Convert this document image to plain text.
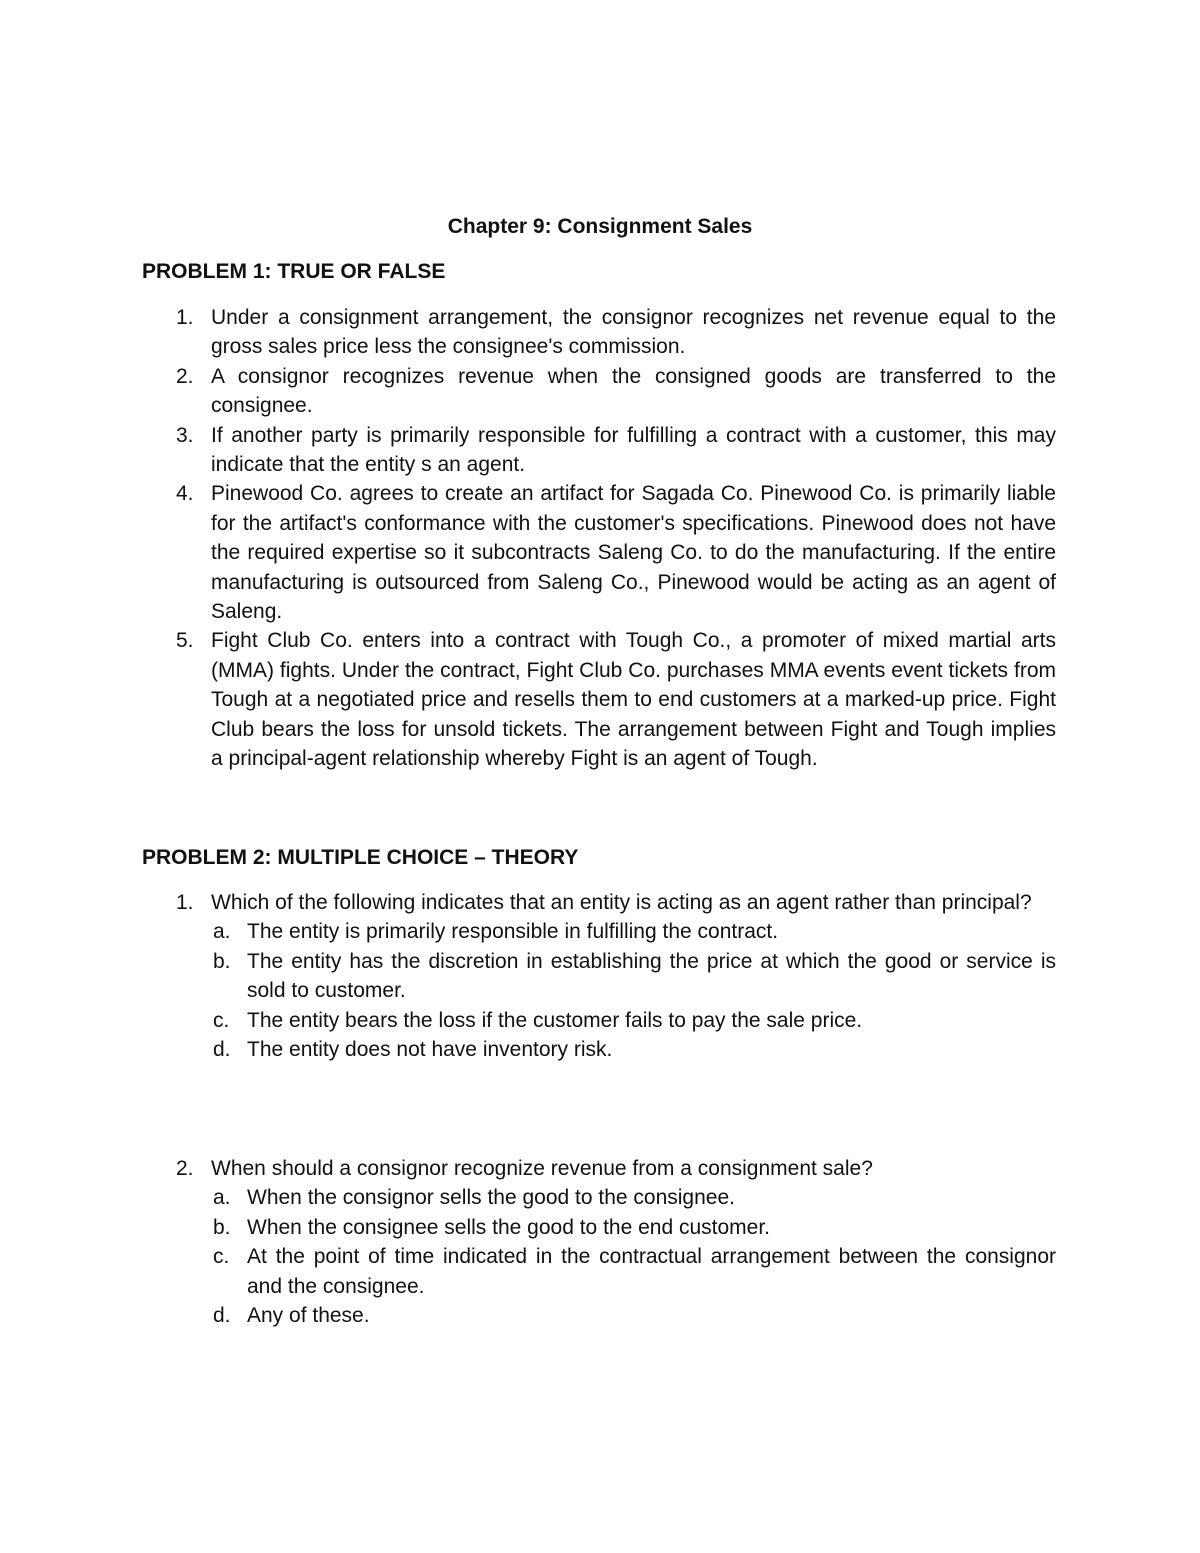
Chapter 9: Consignment Sales
PROBLEM 1: TRUE OR FALSE
1. Under a consignment arrangement, the consignor recognizes net revenue equal to the gross sales price less the consignee's commission.
2. A consignor recognizes revenue when the consigned goods are transferred to the consignee.
3. If another party is primarily responsible for fulfilling a contract with a customer, this may indicate that the entity s an agent.
4. Pinewood Co. agrees to create an artifact for Sagada Co. Pinewood Co. is primarily liable for the artifact's conformance with the customer's specifications. Pinewood does not have the required expertise so it subcontracts Saleng Co. to do the manufacturing. If the entire manufacturing is outsourced from Saleng Co., Pinewood would be acting as an agent of Saleng.
5. Fight Club Co. enters into a contract with Tough Co., a promoter of mixed martial arts (MMA) fights. Under the contract, Fight Club Co. purchases MMA events event tickets from Tough at a negotiated price and resells them to end customers at a marked-up price. Fight Club bears the loss for unsold tickets. The arrangement between Fight and Tough implies a principal-agent relationship whereby Fight is an agent of Tough.
PROBLEM 2: MULTIPLE CHOICE – THEORY
1. Which of the following indicates that an entity is acting as an agent rather than principal?
a. The entity is primarily responsible in fulfilling the contract.
b. The entity has the discretion in establishing the price at which the good or service is sold to customer.
c. The entity bears the loss if the customer fails to pay the sale price.
d. The entity does not have inventory risk.
2. When should a consignor recognize revenue from a consignment sale?
a. When the consignor sells the good to the consignee.
b. When the consignee sells the good to the end customer.
c. At the point of time indicated in the contractual arrangement between the consignor and the consignee.
d. Any of these.
